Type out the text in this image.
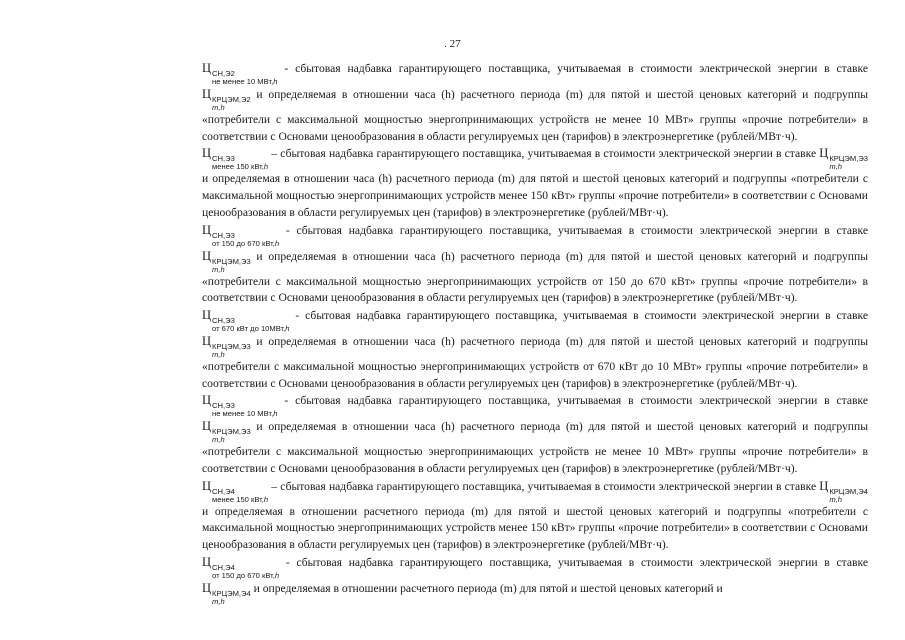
. 27
Ц СН,Э2
не менее 10 МВт,h
- сбытовая надбавка гарантирующего поставщика, учитываемая в стоимости электрической энергии в ставке Ц КРЦЭМ,Э2
m,h
и определяемая в отношении часа (h) расчетного периода (m) для пятой и шестой ценовых категорий и подгруппы «потребители с максимальной мощностью энергопринимающих устройств не менее 10 МВт» группы «прочие потребители» в соответствии с Основами ценообразования в области регулируемых цен (тарифов) в электроэнергетике (рублей/МВт·ч).
Ц СН,Э3
менее 150 кВт,h
– сбытовая надбавка гарантирующего поставщика, учитываемая в стоимости электрической энергии в ставке Ц КРЦЭМ,Э3
m,h
и определяемая в отношении часа (h) расчетного периода (m) для пятой и шестой ценовых категорий и подгруппы «потребители с максимальной мощностью энергопринимающих устройств менее 150 кВт» группы «прочие потребители» в соответствии с Основами ценообразования в области регулируемых цен (тарифов) в электроэнергетике (рублей/МВт·ч).
Ц СН,Э3
от 150 до 670 кВт,h
- сбытовая надбавка гарантирующего поставщика, учитываемая в стоимости электрической энергии в ставке Ц КРЦЭМ,Э3
m,h
и определяемая в отношении часа (h) расчетного периода (m) для пятой и шестой ценовых категорий и подгруппы «потребители с максимальной мощностью энергопринимающих устройств от 150 до 670 кВт» группы «прочие потребители» в соответствии с Основами ценообразования в области регулируемых цен (тарифов) в электроэнергетике (рублей/МВт·ч).
Ц СН,Э3
от 670 кВт до 10МВт,h
- сбытовая надбавка гарантирующего поставщика, учитываемая в стоимости электрической энергии в ставке Ц КРЦЭМ,Э3
m,h
и определяемая в отношении часа (h) расчетного периода (m) для пятой и шестой ценовых категорий и подгруппы «потребители с максимальной мощностью энергопринимающих устройств от 670 кВт до 10 МВт» группы «прочие потребители» в соответствии с Основами ценообразования в области регулируемых цен (тарифов) в электроэнергетике (рублей/МВт·ч).
Ц СН,Э3
не менее 10 МВт,h
- сбытовая надбавка гарантирующего поставщика, учитываемая в стоимости электрической энергии в ставке Ц КРЦЭМ,Э3
m,h
и определяемая в отношении часа (h) расчетного периода (m) для пятой и шестой ценовых категорий и подгруппы «потребители с максимальной мощностью энергопринимающих устройств не менее 10 МВт» группы «прочие потребители» в соответствии с Основами ценообразования в области регулируемых цен (тарифов) в электроэнергетике (рублей/МВт·ч).
Ц СН,Э4
менее 150 кВт,h
– сбытовая надбавка гарантирующего поставщика, учитываемая в стоимости электрической энергии в ставке Ц КРЦЭМ,Э4
m,h
и определяемая в отношении расчетного периода (m) для пятой и шестой ценовых категорий и подгруппы «потребители с максимальной мощностью энергопринимающих устройств менее 150 кВт» группы «прочие потребители» в соответствии с Основами ценообразования в области регулируемых цен (тарифов) в электроэнергетике (рублей/МВт·ч).
Ц СН,Э4
от 150 до 670 кВт,h
- сбытовая надбавка гарантирующего поставщика, учитываемая в стоимости электрической энергии в ставке Ц КРЦЭМ,Э4
m,h
и определяемая в отношении расчетного периода (m) для пятой и шестой ценовых категорий и
